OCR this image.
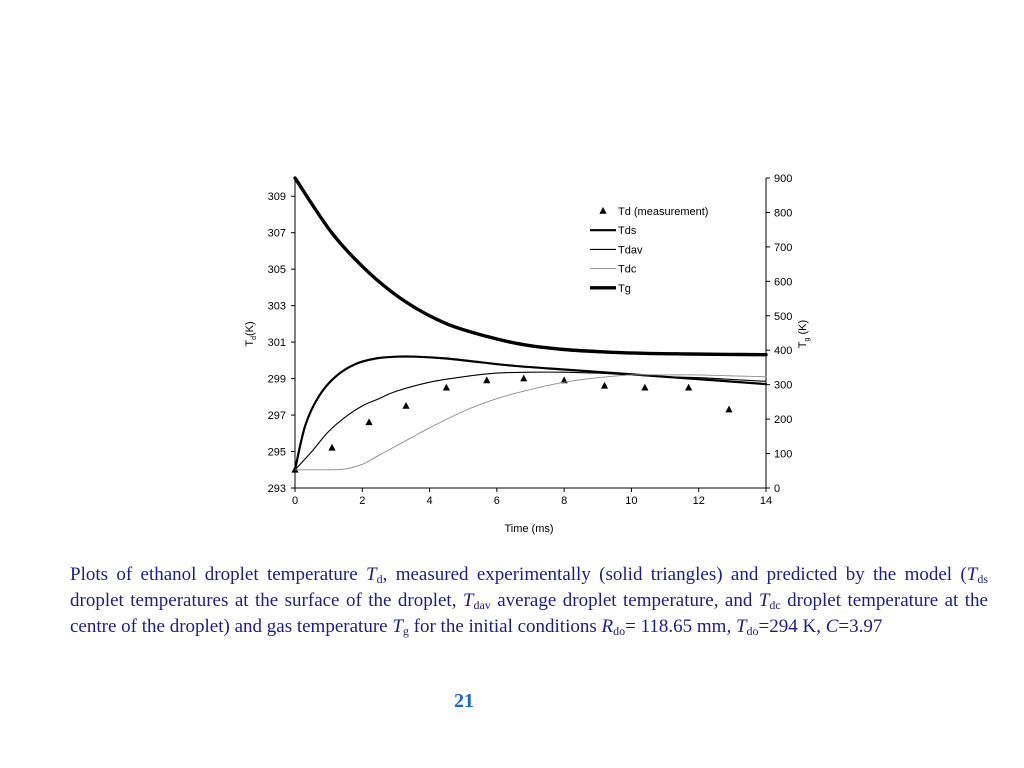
0	2	4	6	8	10	12	14
293
295
297
299
301
303
305
307
309
0
100
200
300
400
500
600
700
800
900
Td (measurement)
Tds
Tdav
Tdc
Tg
Time (ms)
$T_d(K)$
$T_g$ (K)

Plots of ethanol droplet temperature $T_d$, measured experimentally (solid triangles) and predicted by the model ($T_{ds}$ droplet temperatures at the surface of the droplet, $T_{dav}$ average droplet temperature, and $T_{dc}$ droplet temperature at the centre of the droplet) and gas temperature $T_g$ for the initial conditions $R_{do}= 118.65$ mm, $T_{do}=294$ K, C=3.97

21
